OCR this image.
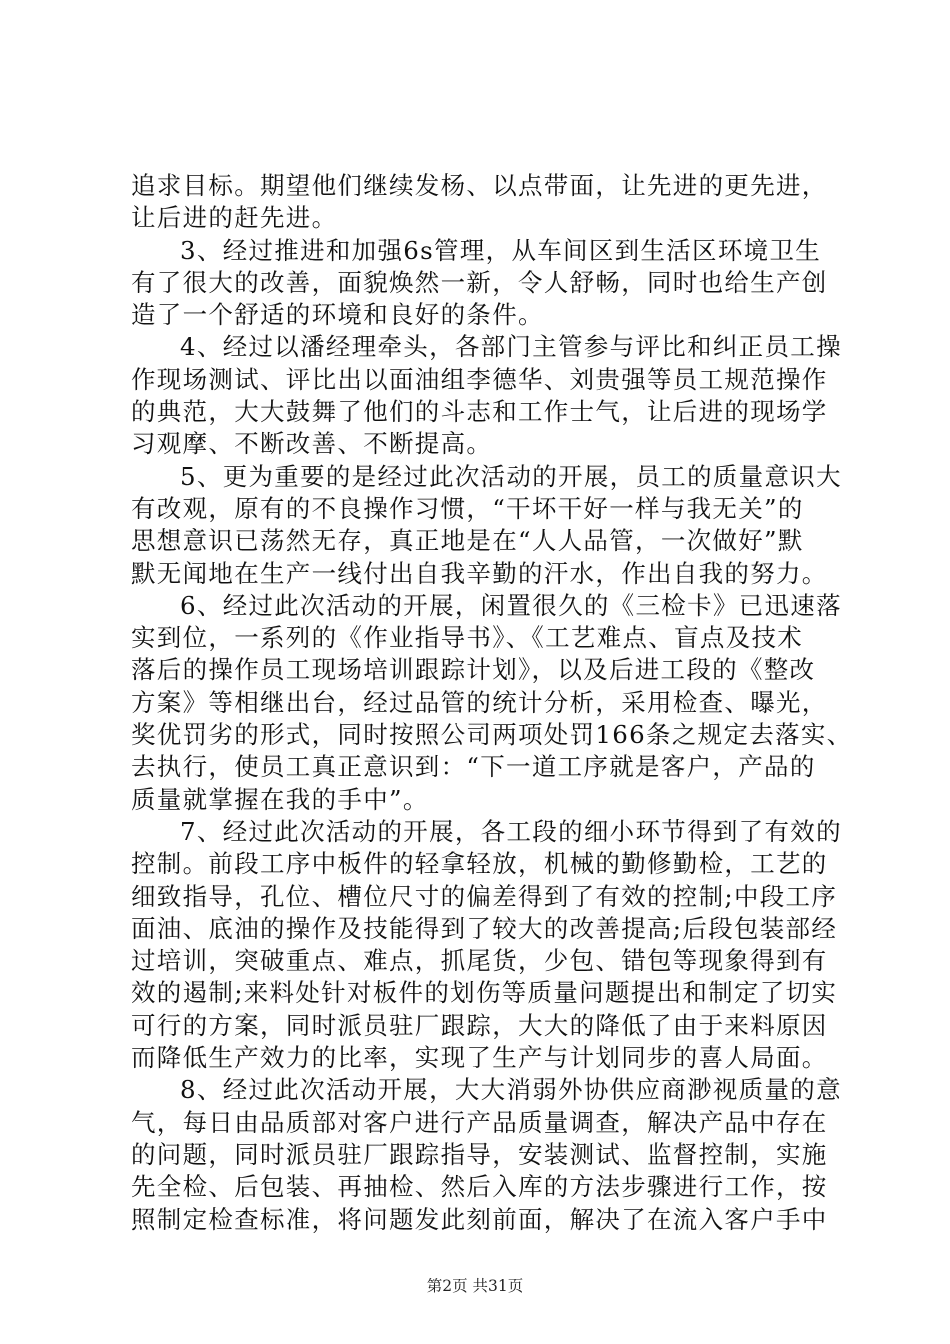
追求目标。期望他们继续发杨、以点带面，让先进的更先进，
让后进的赶先进。
3、经过推进和加强6s管理，从车间区到生活区环境卫生
有了很大的改善，面貌焕然一新，令人舒畅，同时也给生产创
造了一个舒适的环境和良好的条件。
4、经过以潘经理牵头，各部门主管参与评比和纠正员工操
作现场测试、评比出以面油组李德华、刘贵强等员工规范操作
的典范，大大鼓舞了他们的斗志和工作士气，让后进的现场学
习观摩、不断改善、不断提高。
5、更为重要的是经过此次活动的开展，员工的质量意识大
有改观，原有的不良操作习惯，“干坏干好一样与我无关”的
思想意识已荡然无存，真正地是在“人人品管，一次做好”默
默无闻地在生产一线付出自我辛勤的汗水，作出自我的努力。
6、经过此次活动的开展，闲置很久的《三检卡》已迅速落
实到位，一系列的《作业指导书》、《工艺难点、盲点及技术
落后的操作员工现场培训跟踪计划》，以及后进工段的《整改
方案》等相继出台，经过品管的统计分析，采用检查、曝光，
奖优罚劣的形式，同时按照公司两项处罚166条之规定去落实、
去执行，使员工真正意识到：“下一道工序就是客户，产品的
质量就掌握在我的手中”。
7、经过此次活动的开展，各工段的细小环节得到了有效的
控制。前段工序中板件的轻拿轻放，机械的勤修勤检，工艺的
细致指导，孔位、槽位尺寸的偏差得到了有效的控制;中段工序
面油、底油的操作及技能得到了较大的改善提高;后段包装部经
过培训，突破重点、难点，抓尾货，少包、错包等现象得到有
效的遏制;来料处针对板件的划伤等质量问题提出和制定了切实
可行的方案，同时派员驻厂跟踪，大大的降低了由于来料原因
而降低生产效力的比率，实现了生产与计划同步的喜人局面。
8、经过此次活动开展，大大消弱外协供应商渺视质量的意
气，每日由品质部对客户进行产品质量调查，解决产品中存在
的问题，同时派员驻厂跟踪指导，安装测试、监督控制，实施
先全检、后包装、再抽检、然后入库的方法步骤进行工作，按
照制定检查标准，将问题发此刻前面，解决了在流入客户手中
第2页 共31页
